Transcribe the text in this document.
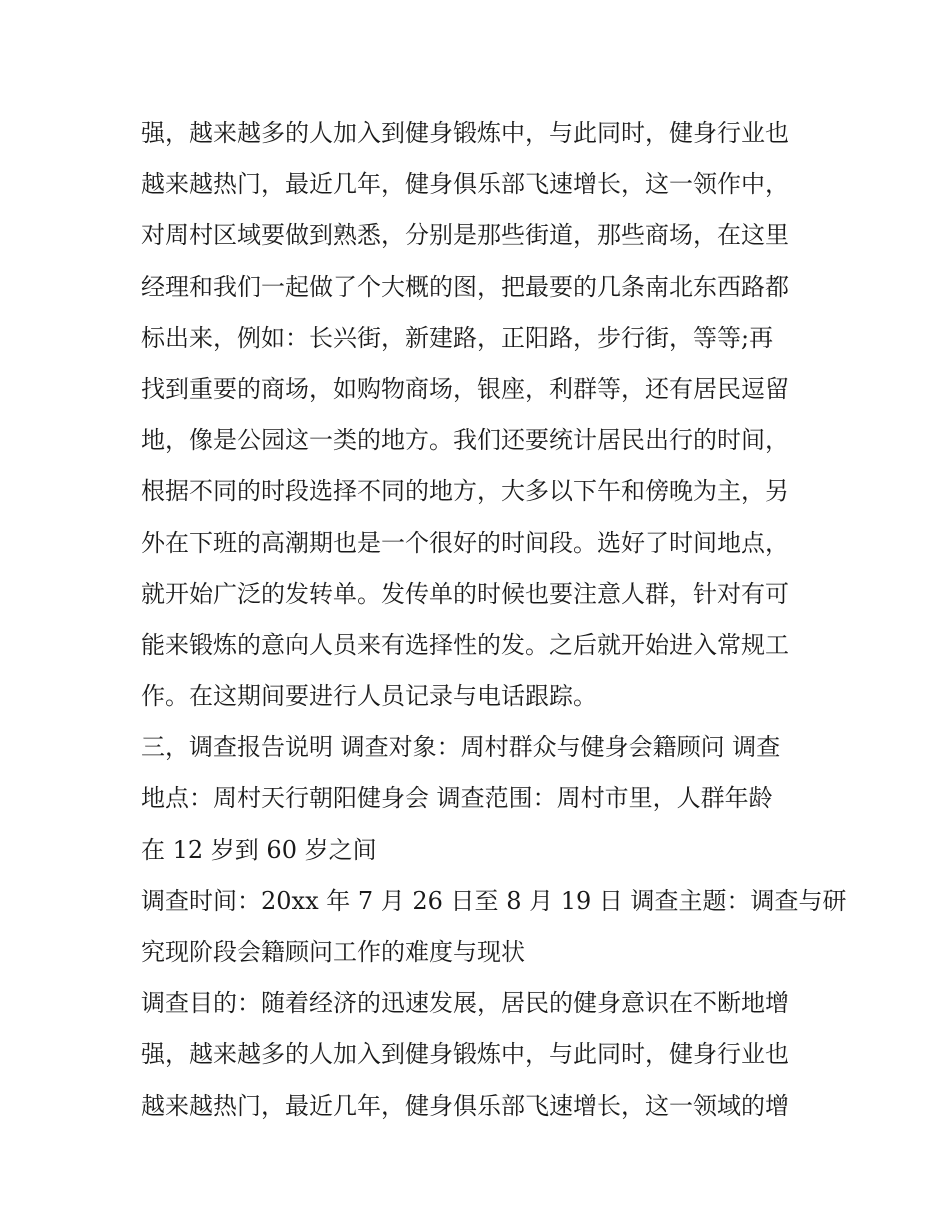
强，越来越多的人加入到健身锻炼中，与此同时，健身行业也
越来越热门，最近几年，健身俱乐部飞速增长，这一领作中，
对周村区域要做到熟悉，分别是那些街道，那些商场，在这里
经理和我们一起做了个大概的图，把最要的几条南北东西路都
标出来，例如：长兴街，新建路，正阳路，步行街，等等;再
找到重要的商场，如购物商场，银座，利群等，还有居民逗留
地，像是公园这一类的地方。我们还要统计居民出行的时间，
根据不同的时段选择不同的地方，大多以下午和傍晚为主，另
外在下班的高潮期也是一个很好的时间段。选好了时间地点，
就开始广泛的发转单。发传单的时候也要注意人群，针对有可
能来锻炼的意向人员来有选择性的发。之后就开始进入常规工
作。在这期间要进行人员记录与电话跟踪。
三，调查报告说明 调查对象：周村群众与健身会籍顾问 调查
地点：周村天行朝阳健身会 调查范围：周村市里，人群年龄
在 12 岁到 60 岁之间
调查时间：20xx 年 7 月 26 日至 8 月 19 日 调查主题：调查与研
究现阶段会籍顾问工作的难度与现状
调查目的：随着经济的迅速发展，居民的健身意识在不断地增
强，越来越多的人加入到健身锻炼中，与此同时，健身行业也
越来越热门，最近几年，健身俱乐部飞速增长，这一领域的增
